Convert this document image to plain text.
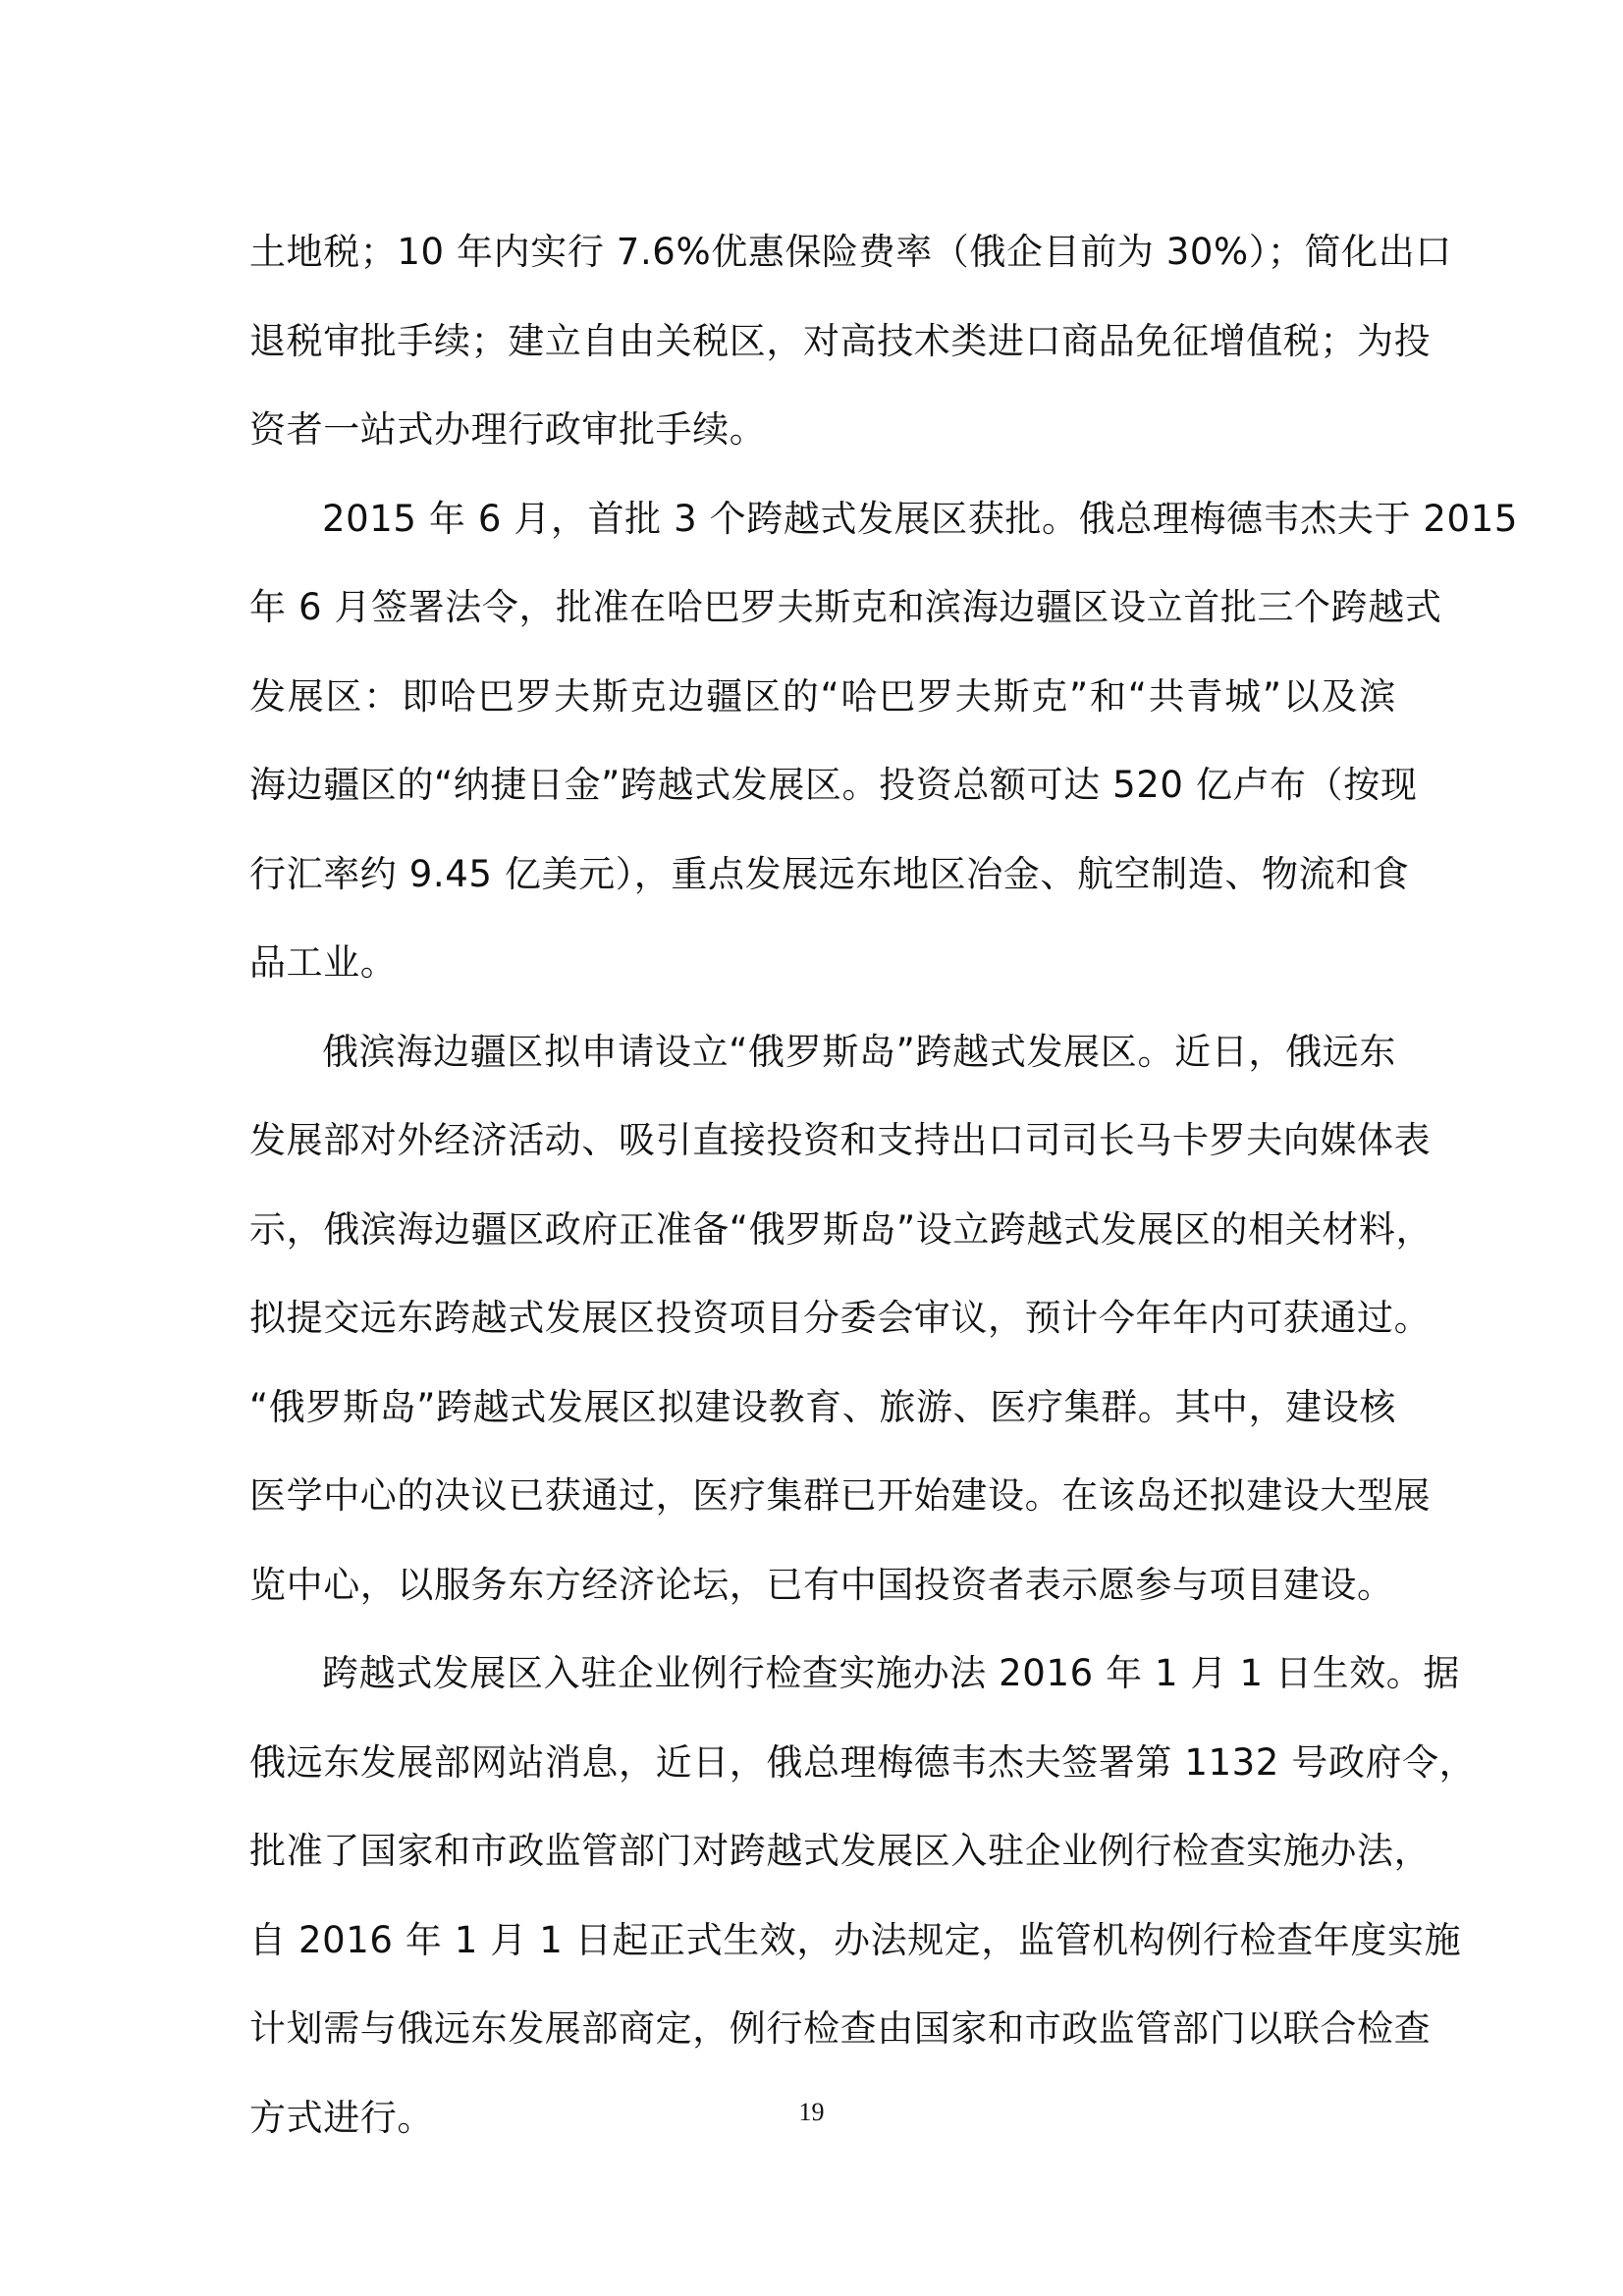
土地税；10 年内实行 7.6%优惠保险费率（俄企目前为 30%）；简化出口
退税审批手续；建立自由关税区，对高技术类进口商品免征增值税；为投
资者一站式办理行政审批手续。
2015 年 6 月，首批 3 个跨越式发展区获批。俄总理梅德韦杰夫于 2015
年 6 月签署法令，批准在哈巴罗夫斯克和滨海边疆区设立首批三个跨越式
发展区：即哈巴罗夫斯克边疆区的“哈巴罗夫斯克”和“共青城”以及滨
海边疆区的“纳捷日金”跨越式发展区。投资总额可达 520 亿卢布（按现
行汇率约 9.45 亿美元），重点发展远东地区冶金、航空制造、物流和食
品工业。
俄滨海边疆区拟申请设立“俄罗斯岛”跨越式发展区。近日，俄远东
发展部对外经济活动、吸引直接投资和支持出口司司长马卡罗夫向媒体表
示，俄滨海边疆区政府正准备“俄罗斯岛”设立跨越式发展区的相关材料，
拟提交远东跨越式发展区投资项目分委会审议，预计今年年内可获通过。
“俄罗斯岛”跨越式发展区拟建设教育、旅游、医疗集群。其中，建设核
医学中心的决议已获通过，医疗集群已开始建设。在该岛还拟建设大型展
览中心，以服务东方经济论坛，已有中国投资者表示愿参与项目建设。
跨越式发展区入驻企业例行检查实施办法 2016 年 1 月 1 日生效。据
俄远东发展部网站消息，近日，俄总理梅德韦杰夫签署第 1132 号政府令，
批准了国家和市政监管部门对跨越式发展区入驻企业例行检查实施办法，
自 2016 年 1 月 1 日起正式生效，办法规定，监管机构例行检查年度实施
计划需与俄远东发展部商定，例行检查由国家和市政监管部门以联合检查
方式进行。	19
